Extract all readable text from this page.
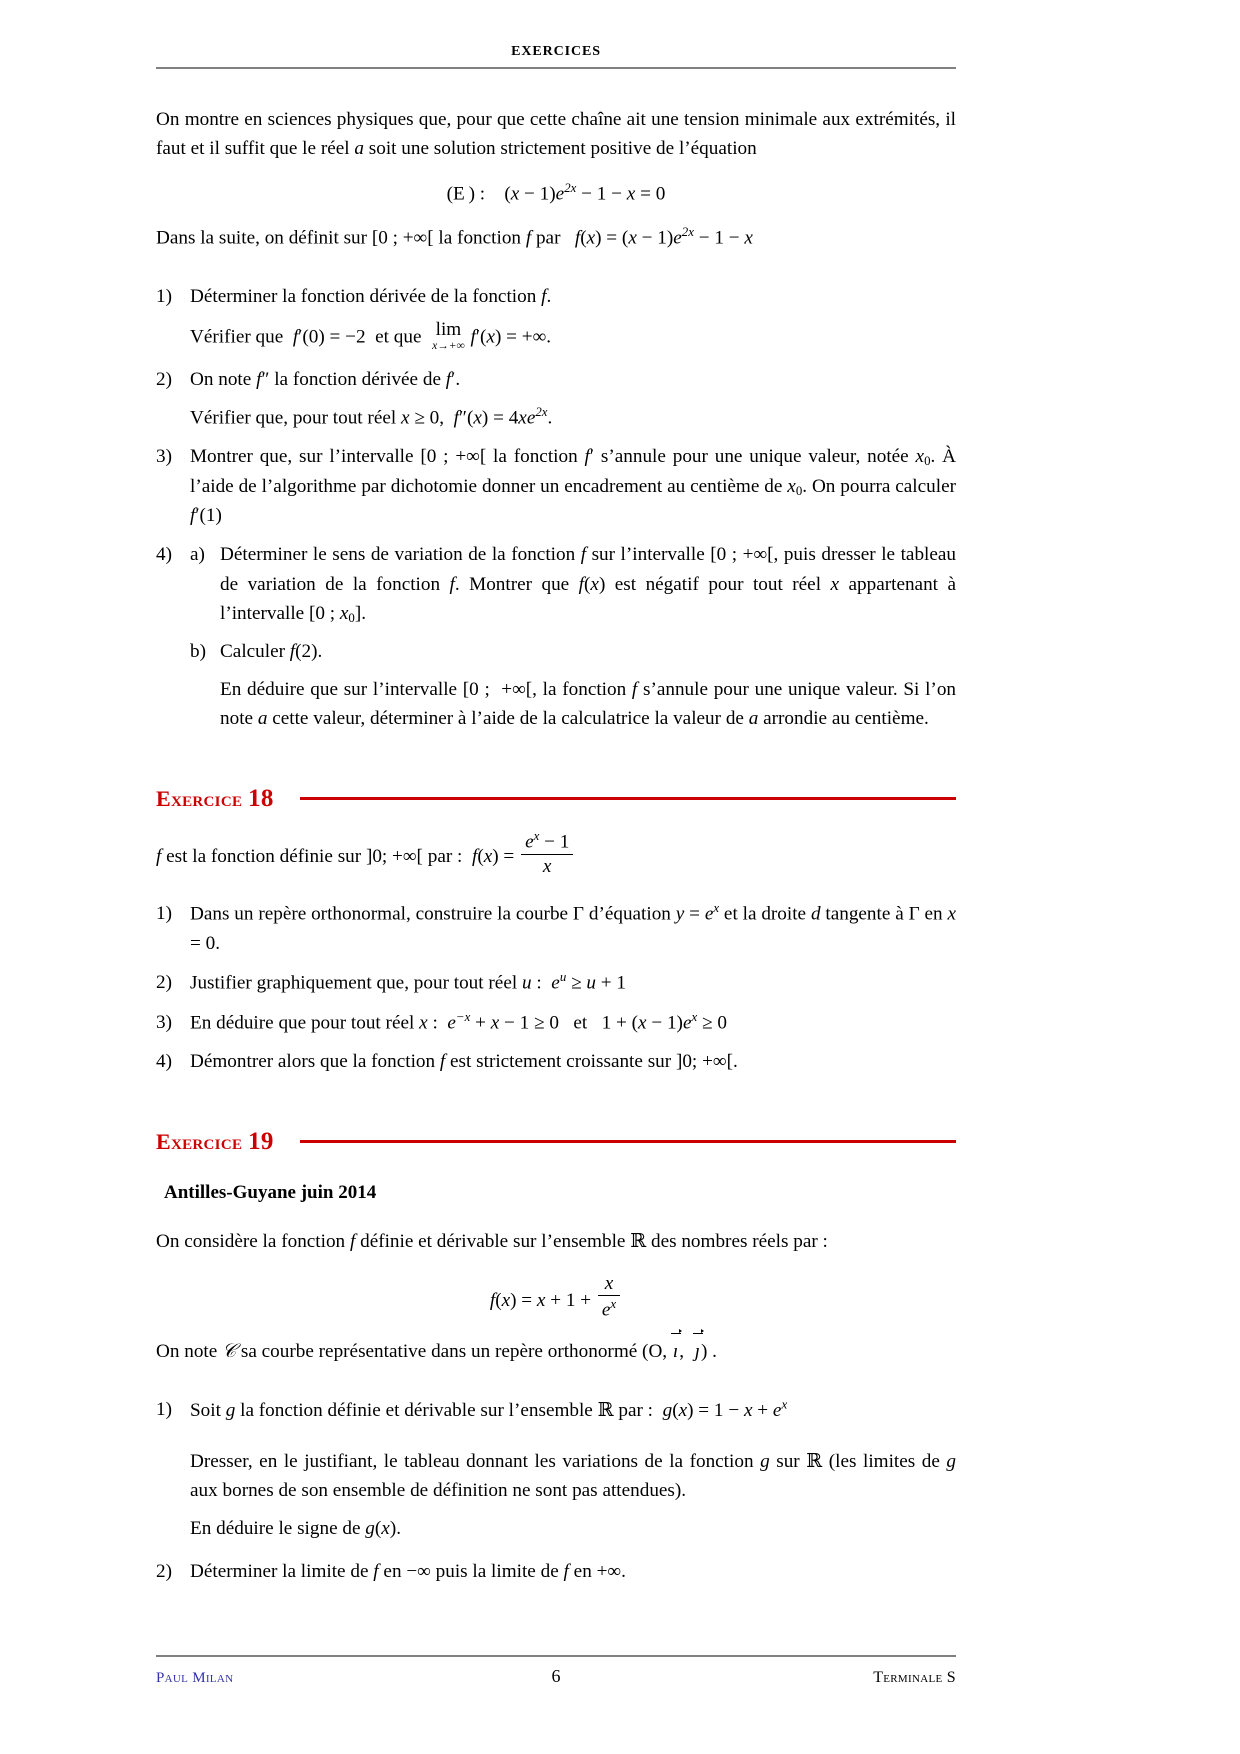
EXERCICES

On montre en sciences physiques que, pour que cette chaîne ait une tension minimale aux extrémités, il faut et il suffit que le réel a soit une solution strictement positive de l’équation

(E ) :    $(x - 1)e^{2x} - 1 - x = 0$

Dans la suite, on définit sur [0 ; +∞[ la fonction f par   $f(x) = (x - 1)e^{2x} - 1 - x$

1) Déterminer la fonction dérivée de la fonction f.
Vérifier que  f′(0) = −2  et que lim
x→+∞ f′(x) = +∞.
2) On note f″ la fonction dérivée de f′.
Vérifier que, pour tout réel x ≥ 0,  $f''(x) = 4xe^{2x}$.
3) Montrer que, sur l’intervalle [0 ; +∞[ la fonction f′ s’annule pour une unique valeur, notée $x_0$. À l’aide de l’algorithme par dichotomie donner un encadrement au centième de $x_0$. On pourra calculer f′(1)
4) a) Déterminer le sens de variation de la fonction f sur l’intervalle [0 ; +∞[, puis dresser le tableau de variation de la fonction f. Montrer que f(x) est négatif pour tout réel x appartenant à l’intervalle [0 ; $x_0$].
b) Calculer f(2).
En déduire que sur l’intervalle [0 ;  +∞[, la fonction f s’annule pour une unique valeur. Si l’on note a cette valeur, déterminer à l’aide de la calculatrice la valeur de a arrondie au centième.
Exercice 18

f est la fonction définie sur ]0; +∞[ par :  $f(x) = \frac{e^x - 1}{x}$

1) Dans un repère orthonormal, construire la courbe Γ d’équation $y = e^x$ et la droite d tangente à Γ en x = 0.
2) Justifier graphiquement que, pour tout réel u :  $e^u \ge u + 1$
3) En déduire que pour tout réel x :  $e^{-x} + x - 1 \ge 0$   et   $1 + (x - 1)e^x \ge 0$
4) Démontrer alors que la fonction f est strictement croissante sur ]0; +∞[.
Exercice 19
Antilles-Guyane juin 2014

On considère la fonction f définie et dérivable sur l’ensemble ℝ des nombres réels par :

$f(x) = x + 1 + \frac{x}{e^x}$

On note 𝒞 sa courbe représentative dans un repère orthonormé (O, ı,  ȷ) .

1) Soit g la fonction définie et dérivable sur l’ensemble ℝ par :  $g(x) = 1 - x + e^x$
Dresser, en le justifiant, le tableau donnant les variations de la fonction g sur ℝ (les limites de g aux bornes de son ensemble de définition ne sont pas attendues).
En déduire le signe de g(x).
2) Déterminer la limite de f en −∞ puis la limite de f en +∞.
Paul Milan	6	Terminale S
